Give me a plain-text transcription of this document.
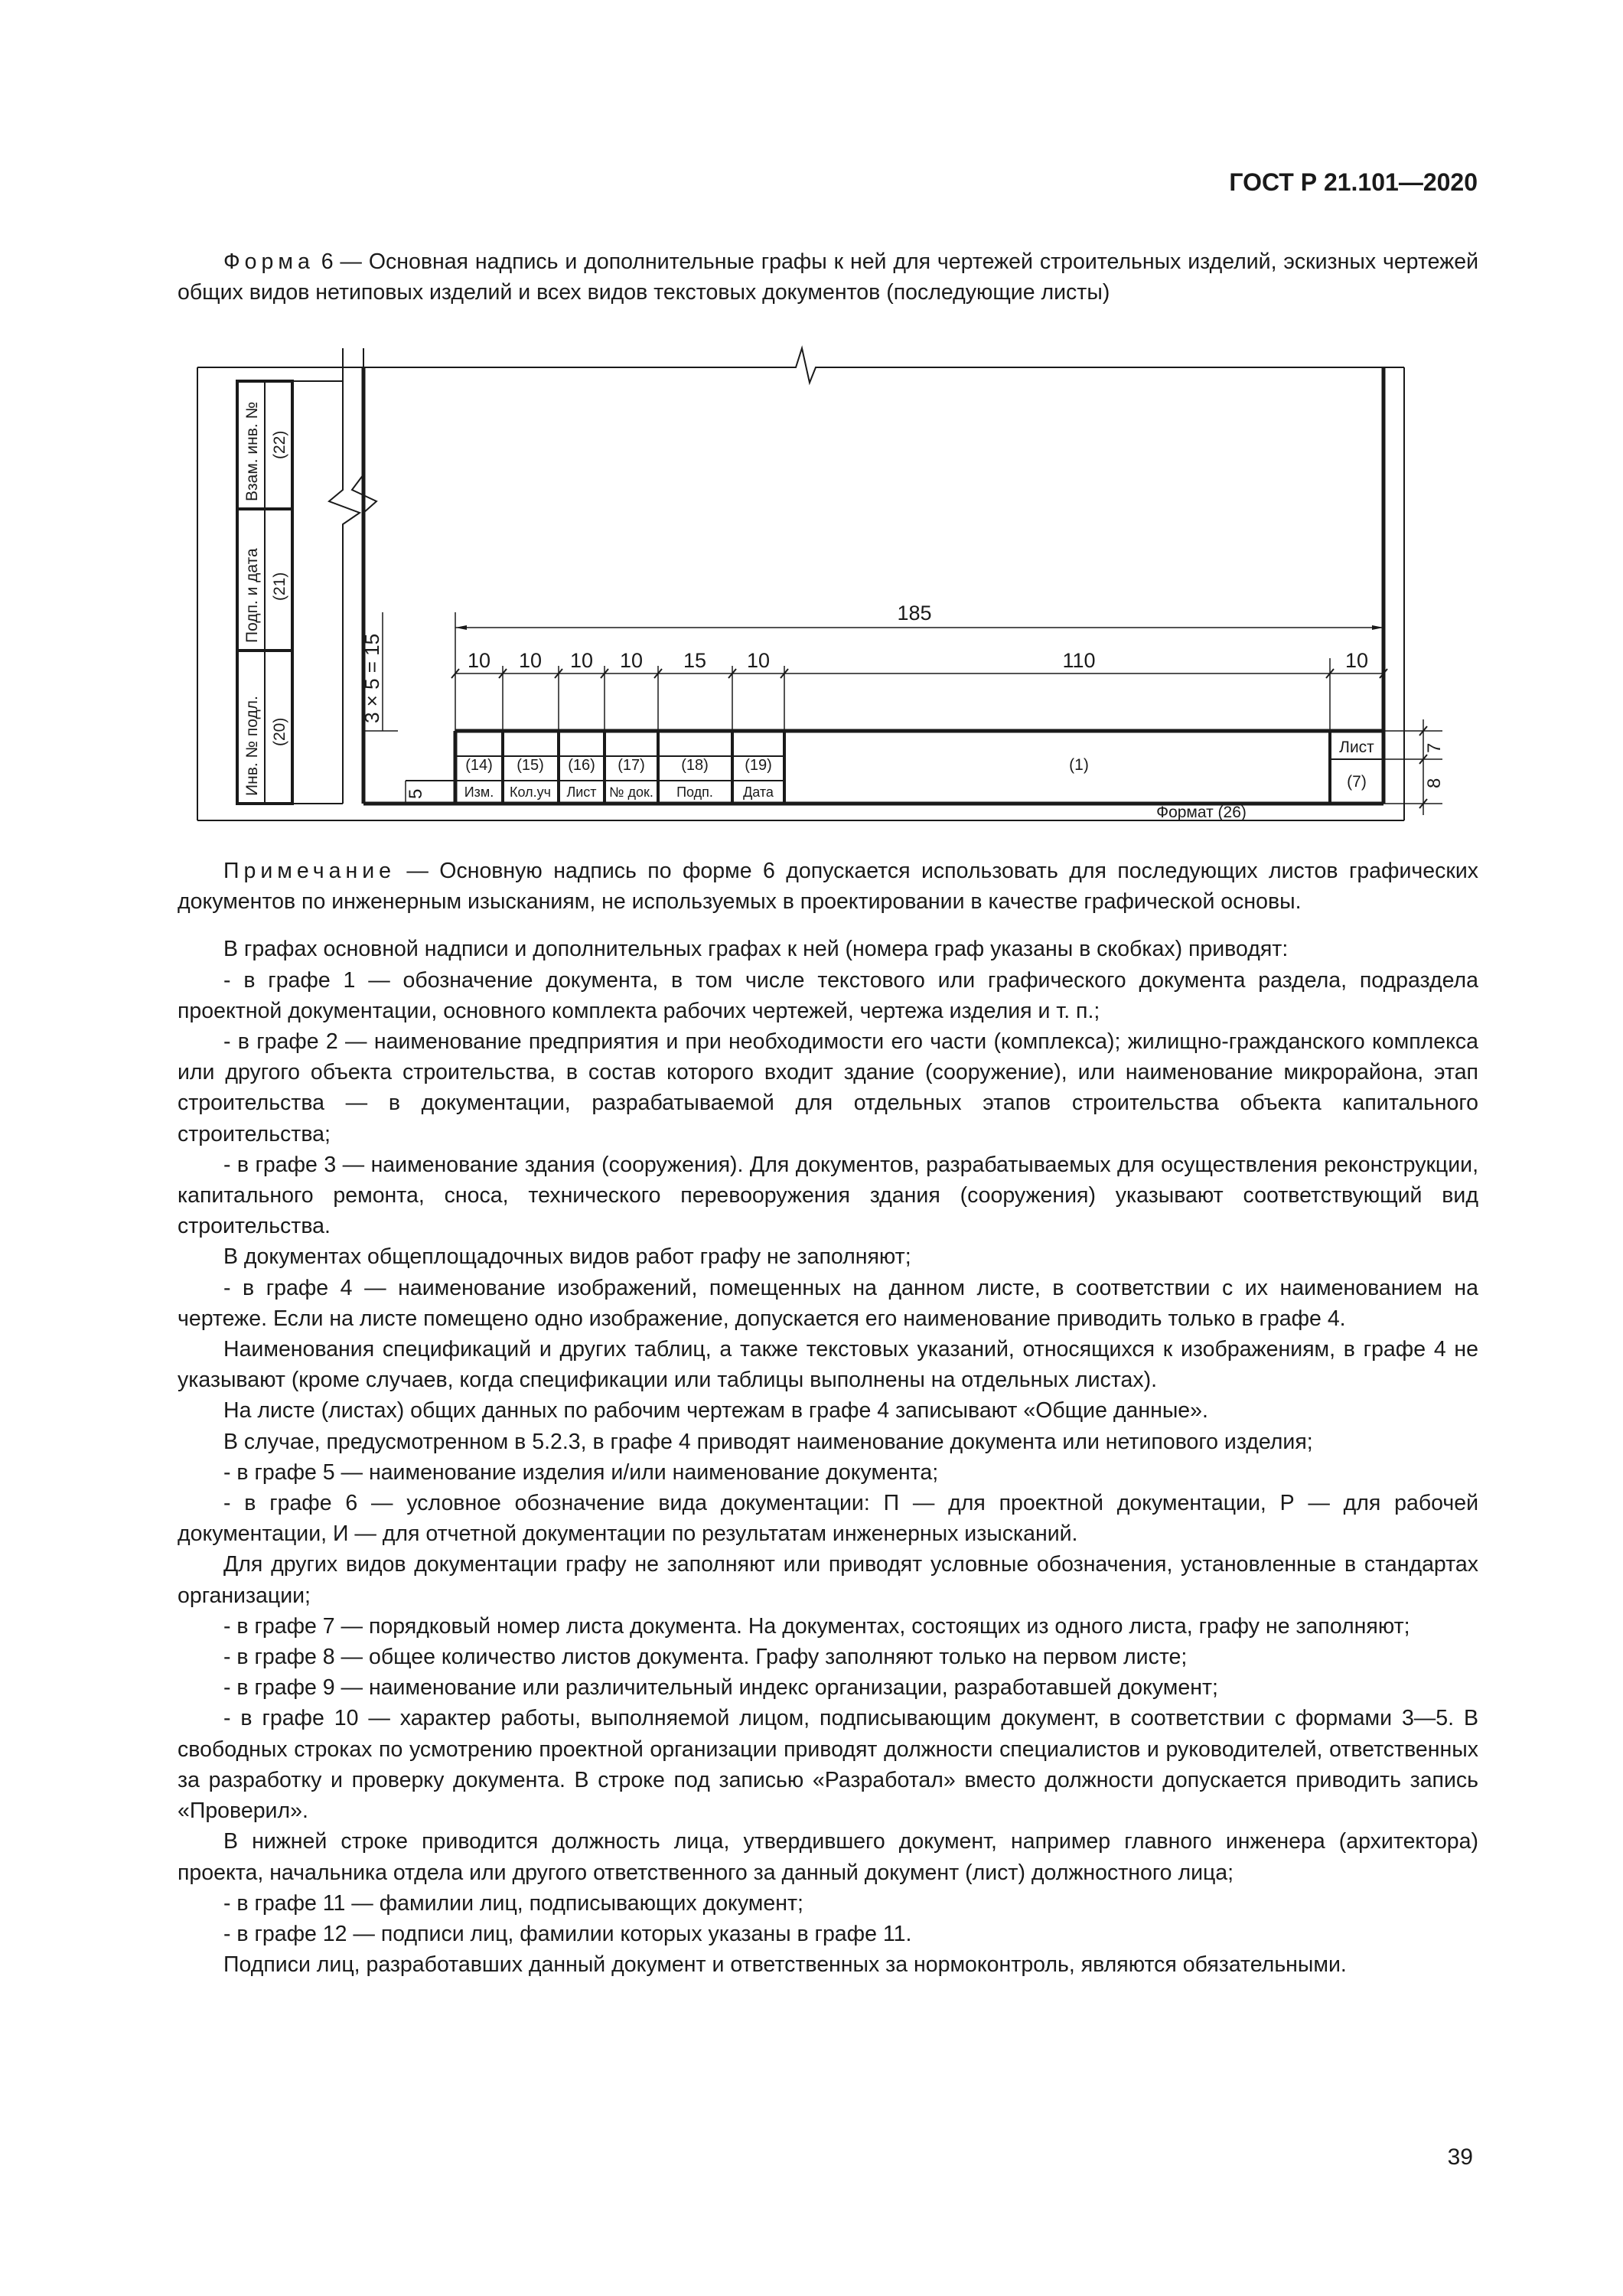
ГОСТ Р 21.101—2020
Форма 6 — Основная надпись и дополнительные графы к ней для чертежей строительных изделий, эскизных чертежей общих видов нетиповых изделий и всех видов текстовых документов (последующие листы)
Взам. инв. №
Подп. и дата
Инв. № подл.
(22)
(21)
(20)
3 × 5 = 15
5
7
8
185
10 10 10 10 15 10	110	10
(14) (15) (16) (17) (18) (19)
Изм. Кол.уч Лист № док. Подп. Дата
(1)
Лист
(7)
Формат (26)

Примечание — Основную надпись по форме 6 допускается использовать для последующих листов графических документов по инженерным изысканиям, не используемых в проектировании в качестве графической основы.

В графах основной надписи и дополнительных графах к ней (номера граф указаны в скобках) приводят:

- в графе 1 — обозначение документа, в том числе текстового или графического документа раздела, подраздела проектной документации, основного комплекта рабочих чертежей, чертежа изделия и т. п.;

- в графе 2 — наименование предприятия и при необходимости его части (комплекса); жилищно-гражданского комплекса или другого объекта строительства, в состав которого входит здание (сооружение), или наименование микрорайона, этап строительства — в документации, разрабатываемой для отдельных этапов строительства объекта капитального строительства;

- в графе 3 — наименование здания (сооружения). Для документов, разрабатываемых для осуществления реконструкции, капитального ремонта, сноса, технического перевооружения здания (сооружения) указывают соответствующий вид строительства.

В документах общеплощадочных видов работ графу не заполняют;

- в графе 4 — наименование изображений, помещенных на данном листе, в соответствии с их наименованием на чертеже. Если на листе помещено одно изображение, допускается его наименование приводить только в графе 4.

Наименования спецификаций и других таблиц, а также текстовых указаний, относящихся к изображениям, в графе 4 не указывают (кроме случаев, когда спецификации или таблицы выполнены на отдельных листах).

На листе (листах) общих данных по рабочим чертежам в графе 4 записывают «Общие данные».

В случае, предусмотренном в 5.2.3, в графе 4 приводят наименование документа или нетипового изделия;

- в графе 5 — наименование изделия и/или наименование документа;

- в графе 6 — условное обозначение вида документации: П — для проектной документации, Р — для рабочей документации, И — для отчетной документации по результатам инженерных изысканий.

Для других видов документации графу не заполняют или приводят условные обозначения, установленные в стандартах организации;

- в графе 7 — порядковый номер листа документа. На документах, состоящих из одного листа, графу не заполняют;

- в графе 8 — общее количество листов документа. Графу заполняют только на первом листе;

- в графе 9 — наименование или различительный индекс организации, разработавшей документ;

- в графе 10 — характер работы, выполняемой лицом, подписывающим документ, в соответствии с формами 3—5. В свободных строках по усмотрению проектной организации приводят должности специалистов и руководителей, ответственных за разработку и проверку документа. В строке под записью «Разработал» вместо должности допускается приводить запись «Проверил».

В нижней строке приводится должность лица, утвердившего документ, например главного инженера (архитектора) проекта, начальника отдела или другого ответственного за данный документ (лист) должностного лица;

- в графе 11 — фамилии лиц, подписывающих документ;

- в графе 12 — подписи лиц, фамилии которых указаны в графе 11.

Подписи лиц, разработавших данный документ и ответственных за нормоконтроль, являются обязательными.

39
